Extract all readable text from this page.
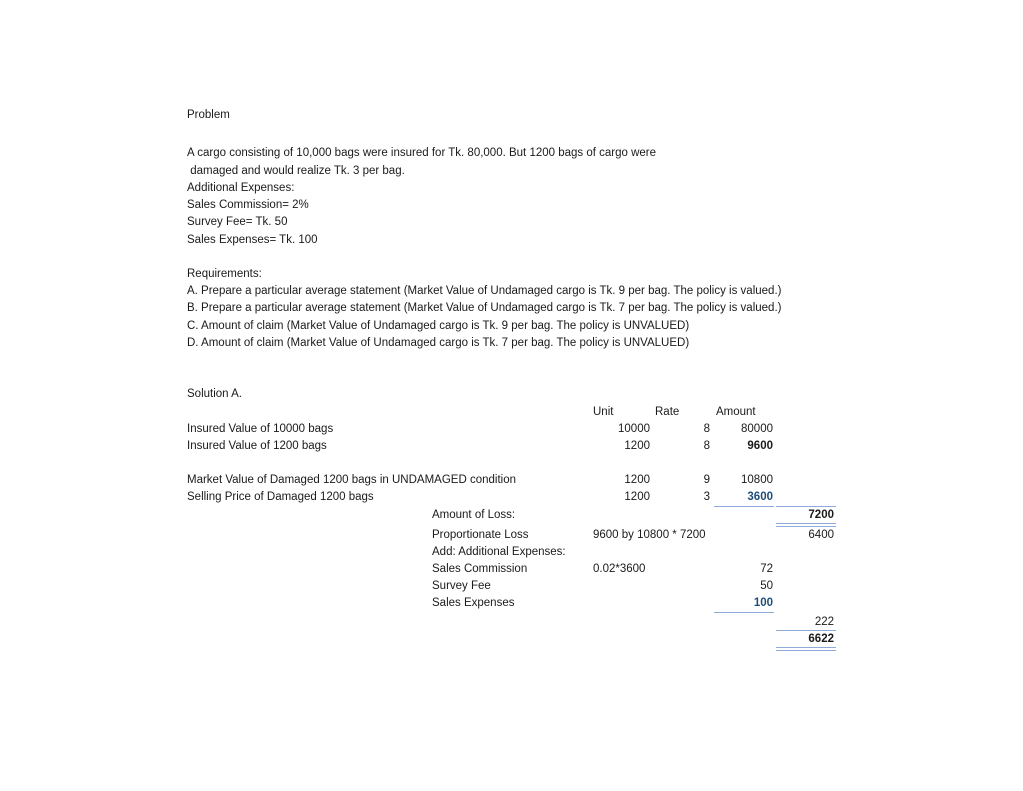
Problem
A cargo consisting of 10,000 bags were insured for Tk. 80,000. But 1200 bags of cargo were
damaged and would realize Tk. 3 per bag.
Additional Expenses:
Sales Commission= 2%
Survey Fee= Tk. 50
Sales Expenses= Tk. 100
Requirements:
A. Prepare a particular average statement (Market Value of Undamaged cargo is Tk. 9 per bag. The policy is valued.)
B. Prepare a particular average statement (Market Value of Undamaged cargo is Tk. 7 per bag. The policy is valued.)
C. Amount of claim (Market Value of Undamaged cargo is Tk. 9 per bag. The policy is UNVALUED)
D. Amount of claim (Market Value of Undamaged cargo is Tk. 7 per bag. The policy is UNVALUED)
Solution A.
Unit	Rate	Amount
Insured Value of 10000 bags	10000	8	80000
Insured Value of 1200 bags	1200	8	9600
Market Value of Damaged 1200 bags in UNDAMAGED condition	1200	9	10800
Selling Price of Damaged 1200 bags	1200	3	3600
Amount of Loss:	7200
Proportionate Loss	9600 by 10800 * 7200	6400
Add: Additional Expenses:
Sales Commission	0.02*3600	72
Survey Fee	50
Sales Expenses	100
222
6622
